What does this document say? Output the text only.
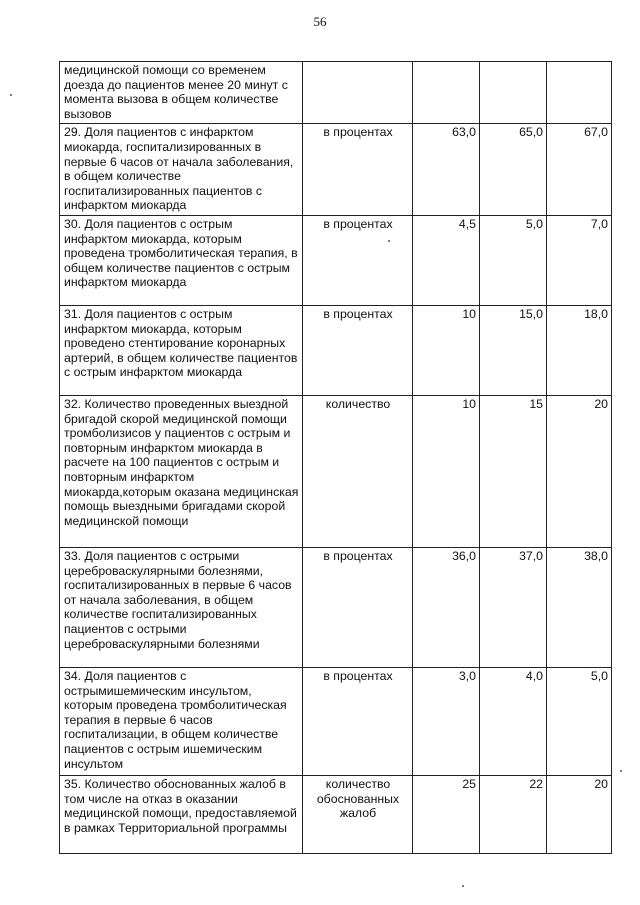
56
медицинской помощи со временем доезда до пациентов менее 20 минут с момента вызова в общем количестве вызовов				
29. Доля пациентов с инфарктом миокарда, госпитализированных в первые 6 часов от начала заболевания, в общем количестве госпитализированных пациентов с инфарктом миокарда	в процентах	63,0	65,0	67,0
30. Доля пациентов с острым инфарктом миокарда, которым проведена тромболитическая терапия, в общем количестве пациентов с острым инфарктом миокарда	в процентах	4,5	5,0	7,0
31. Доля пациентов с острым инфарктом миокарда, которым проведено стентирование коронарных артерий, в общем количестве пациентов с острым инфарктом миокарда	в процентах	10	15,0	18,0
32. Количество проведенных выездной бригадой скорой медицинской помощи тромболизисов у пациентов с острым и повторным инфарктом миокарда в расчете на 100 пациентов с острым и повторным инфарктом миокарда,которым оказана медицинская помощь выездными бригадами скорой медицинской помощи	количество	10	15	20
33. Доля пациентов с острыми цереброваскулярными болезнями, госпитализированных в первые 6 часов от начала заболевания, в общем количестве госпитализированных пациентов с острыми цереброваскулярными болезнями	в процентах	36,0	37,0	38,0
34. Доля пациентов с острымишемическим инсультом, которым проведена тромболитическая терапия в первые 6 часов госпитализации, в общем количестве пациентов с острым ишемическим инсультом	в процентах	3,0	4,0	5,0
35. Количество обоснованных жалоб в том числе на отказ в оказании медицинской помощи, предоставляемой в рамках Территориальной программы	количество обоснованных жалоб	25	22	20
